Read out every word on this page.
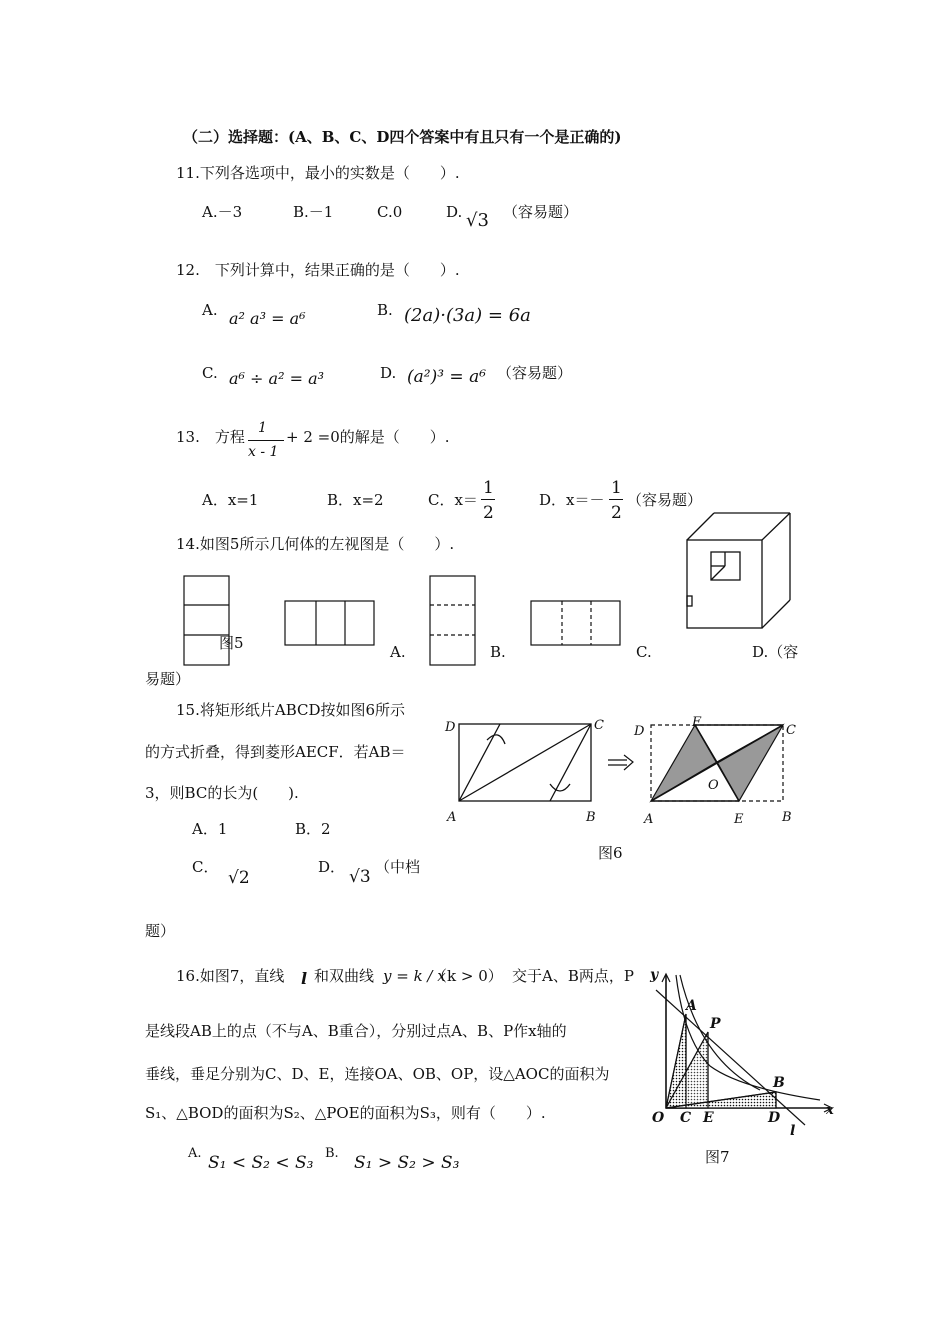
（二）选择题：(A、B、C、D四个答案中有且只有一个是正确的)
11.下列各选项中，最小的实数是（　　）.
A.－3	B.－1	C.0	D. √3 （容易题）
12.　下列计算中，结果正确的是（　　）.
A. a² a³ = a⁶	B. (2a)·(3a) = 6a
C. a⁶ ÷ a² = a³	D. (a²)³ = a⁶ （容易题）
13.　方程 1
x - 1
+ 2 =0的解是（　　）.
A．x=1	B．x=2	C．x＝
1
2
D．x＝－
1
2
（容易题）
14.如图5所示几何体的左视图是（　　）.
图5	A.	B.	C.	D.（容
易题）
15.将矩形纸片ABCD按如图6所示
的方式折叠，得到菱形AECF．若AB＝
3，则BC的长为(　　).
A．1	B．2
C．
√2
D． √3 （中档
题）
D	C
A	B
D
F
C
O
A	E	B
图6
16.如图7，直线 l 和双曲线 y = k / x
（k > 0） 交于A、B两点，P
是线段AB上的点（不与A、B重合），分别过点A、B、P作x轴的
垂线，垂足分别为C、D、E，连接OA、OB、OP，设△AOC的面积为
S₁、△BOD的面积为S₂、△POE的面积为S₃，则有（　　）.
A. S₁ < S₂ < S₃ B. S₁ > S₂ > S₃
y
A
P
B
O C E	D	x
l
图7
